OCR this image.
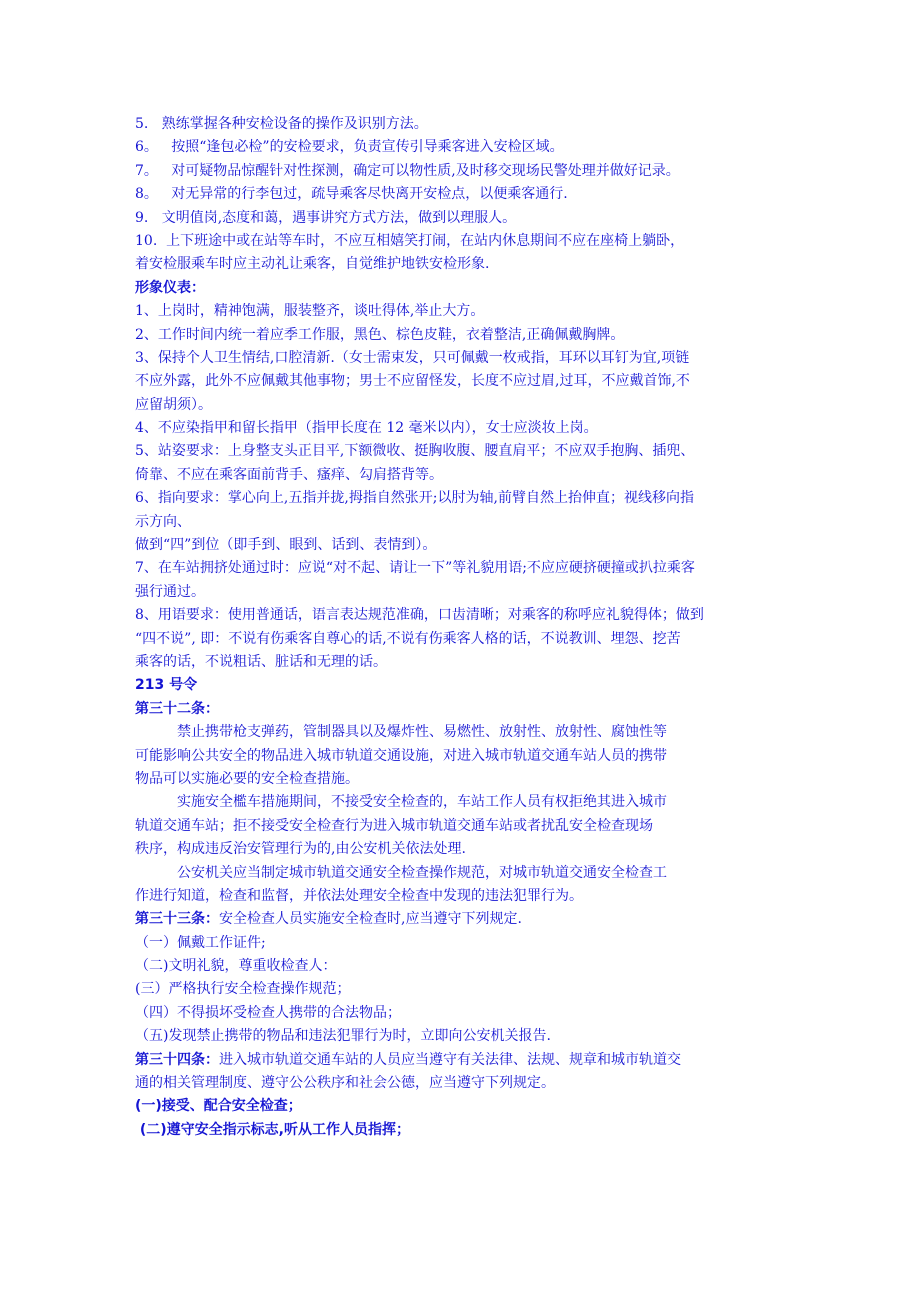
5.   熟练掌握各种安检设备的操作及识别方法。
6。   按照“逢包必检”的安检要求，负责宣传引导乘客进入安检区域。
7。   对可疑物品惊醒针对性探测，确定可以物性质,及时移交现场民警处理并做好记录。
8。   对无异常的行李包过，疏导乘客尽快离开安检点，以便乘客通行.
9.   文明值岗,态度和蔼，遇事讲究方式方法，做到以理服人。
10.  上下班途中或在站等车时，不应互相嬉笑打闹，在站内休息期间不应在座椅上躺卧，
着安检服乘车时应主动礼让乘客，自觉维护地铁安检形象.
形象仪表：
1、上岗时，精神饱满，服装整齐，谈吐得体,举止大方。
2、工作时间内统一着应季工作服，黑色、棕色皮鞋，衣着整洁,正确佩戴胸牌。
3、保持个人卫生情结,口腔清新.（女士需束发，只可佩戴一枚戒指，耳环以耳钉为宜,项链
不应外露，此外不应佩戴其他事物；男士不应留怪发，长度不应过眉,过耳，不应戴首饰,不
应留胡须）。
4、不应染指甲和留长指甲（指甲长度在 12 毫米以内），女士应淡妆上岗。
5、站姿要求：上身整支头正目平,下额微收、挺胸收腹、腰直肩平；不应双手抱胸、插兜、
倚靠、不应在乘客面前背手、瘙痒、勾肩搭背等。
6、指向要求：掌心向上,五指并拢,拇指自然张开;以肘为轴,前臂自然上抬伸直；视线移向指
示方向、
做到“四”到位（即手到、眼到、话到、表情到）。
7、在车站拥挤处通过时：应说“对不起、请让一下”等礼貌用语;不应应硬挤硬撞或扒拉乘客
强行通过。
8、用语要求：使用普通话，语言表达规范准确，口齿清晰；对乘客的称呼应礼貌得体；做到
“四不说”, 即：不说有伤乘客自尊心的话,不说有伤乘客人格的话，不说教训、埋怨、挖苦
乘客的话，不说粗话、脏话和无理的话。
213 号令
第三十二条：
禁止携带枪支弹药，管制器具以及爆炸性、易燃性、放射性、放射性、腐蚀性等
可能影响公共安全的物品进入城市轨道交通设施，对进入城市轨道交通车站人员的携带
物品可以实施必要的安全检查措施。
实施安全檻车措施期间，不接受安全检查的，车站工作人员有权拒绝其进入城市
轨道交通车站；拒不接受安全检查行为进入城市轨道交通车站或者扰乱安全检查现场
秩序，构成违反治安管理行为的,由公安机关依法处理.
公安机关应当制定城市轨道交通安全检查操作规范，对城市轨道交通安全检查工
作进行知道，检查和监督，并依法处理安全检查中发现的违法犯罪行为。
第三十三条：安全检查人员实施安全检查时,应当遵守下列规定.
（一）佩戴工作证件;
（二)文明礼貌，尊重收检查人：
(三）严格执行安全检查操作规范；
（四）不得损坏受检查人携带的合法物品；
（五)发现禁止携带的物品和违法犯罪行为时，立即向公安机关报告.
第三十四条：进入城市轨道交通车站的人员应当遵守有关法律、法规、规章和城市轨道交
通的相关管理制度、遵守公公秩序和社会公德，应当遵守下列规定。
(一)接受、配合安全检查；
(二)遵守安全指示标志,听从工作人员指挥；
